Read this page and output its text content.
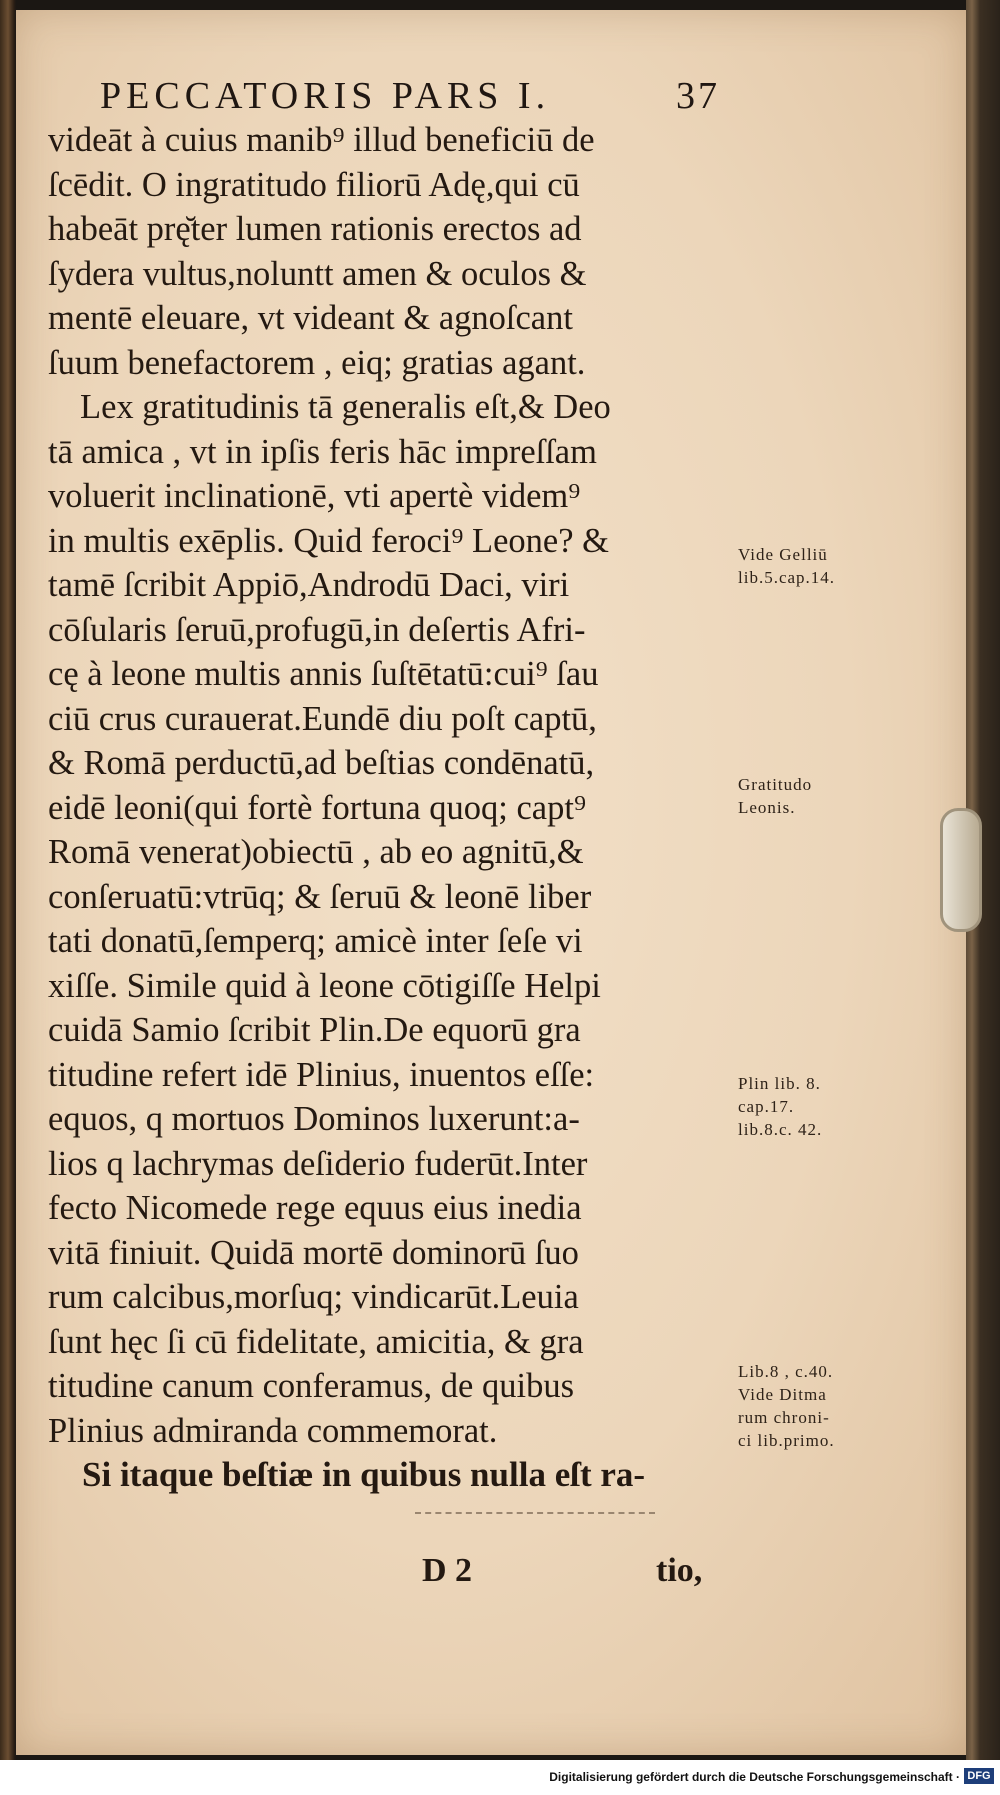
PECCATORIS PARS I.	37
videāt à cuius manib⁹ illud beneficiū de
ſcēdit. O ingratitudo filiorū Adę,qui cū
habeāt prę̆ter lumen rationis erectos ad
ſydera vultus,noluntt amen & oculos &
mentē eleuare, vt videant & agnoſcant
ſuum benefactorem , eiq; gratias agant.
Lex gratitudinis tā generalis eſt,& Deo
tā amica , vt in ipſis feris hāc impreſſam
voluerit inclinationē, vti apertè videm⁹
in multis exēplis. Quid feroci⁹ Leone? &
tamē ſcribit Appiō,Androdū Daci, viri
cōſularis ſeruū,profugū,in deſertis Afri-
cę à leone multis annis ſuſtētatū:cui⁹ ſau
ciū crus curauerat.Eundē diu poſt captū,
& Romā perductū,ad beſtias condēnatū,
eidē leoni(qui fortè fortuna quoq; capt⁹
Romā venerat)obiectū , ab eo agnitū,&
conſeruatū:vtrūq; & ſeruū & leonē liber
tati donatū,ſemperq; amicè inter ſeſe vi
xiſſe. Simile quid à leone cōtigiſſe Helpi
cuidā Samio ſcribit Plin.De equorū gra
titudine refert idē Plinius, inuentos eſſe:
equos, q mortuos Dominos luxerunt:a-
lios q lachrymas deſiderio fuderūt.Inter
fecto Nicomede rege equus eius inedia
vitā finiuit. Quidā mortē dominorū ſuo
rum calcibus,morſuq; vindicarūt.Leuia
ſunt hęc ſi cū fidelitate, amicitia, & gra
titudine canum conferamus, de quibus
Plinius admiranda commemorat.
Si itaque beſtiæ in quibus nulla eſt ra-
Vide Gelliū
lib.5.cap.14.
Gratitudo
Leonis.
Plin lib. 8.
cap.17.
lib.8.c. 42.
Lib.8 , c.40.
Vide Ditma
rum chroni-
ci lib.primo.
D 2	tio,
Digitalisierung gefördert durch die Deutsche Forschungsgemeinschaft · DFG
